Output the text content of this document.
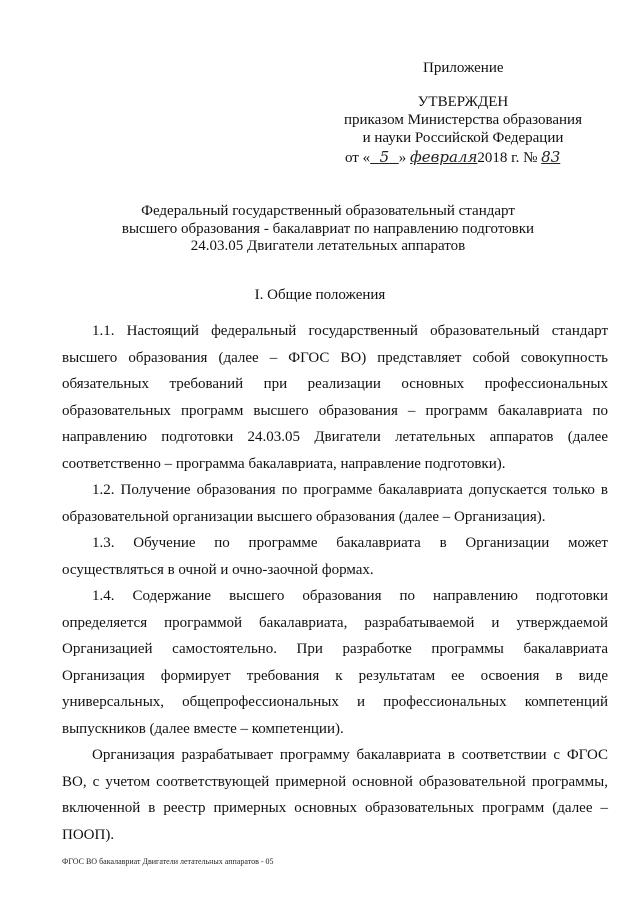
Приложение
УТВЕРЖДЕН
приказом Министерства образования
и науки Российской Федерации
от « 5 » февраля2018 г. № 83
Федеральный государственный образовательный стандарт
высшего образования - бакалавриат по направлению подготовки
24.03.05 Двигатели летательных аппаратов
I. Общие положения

1.1. Настоящий федеральный государственный образовательный стандарт высшего образования (далее – ФГОС ВО) представляет собой совокупность обязательных требований при реализации основных профессиональных образовательных программ высшего образования – программ бакалавриата по направлению подготовки 24.03.05 Двигатели летательных аппаратов (далее соответственно – программа бакалавриата, направление подготовки).

1.2. Получение образования по программе бакалавриата допускается только в образовательной организации высшего образования (далее – Организация).

1.3. Обучение по программе бакалавриата в Организации может осуществляться в очной и очно-заочной формах.

1.4. Содержание высшего образования по направлению подготовки определяется программой бакалавриата, разрабатываемой и утверждаемой Организацией самостоятельно. При разработке программы бакалавриата Организация формирует требования к результатам ее освоения в виде универсальных, общепрофессиональных и профессиональных компетенций выпускников (далее вместе – компетенции).

Организация разрабатывает программу бакалавриата в соответствии с ФГОС ВО, с учетом соответствующей примерной основной образовательной программы, включенной в реестр примерных основных образовательных программ (далее – ПООП).

ФГОС ВО бакалавриат Двигатели летательных аппаратов - 05
